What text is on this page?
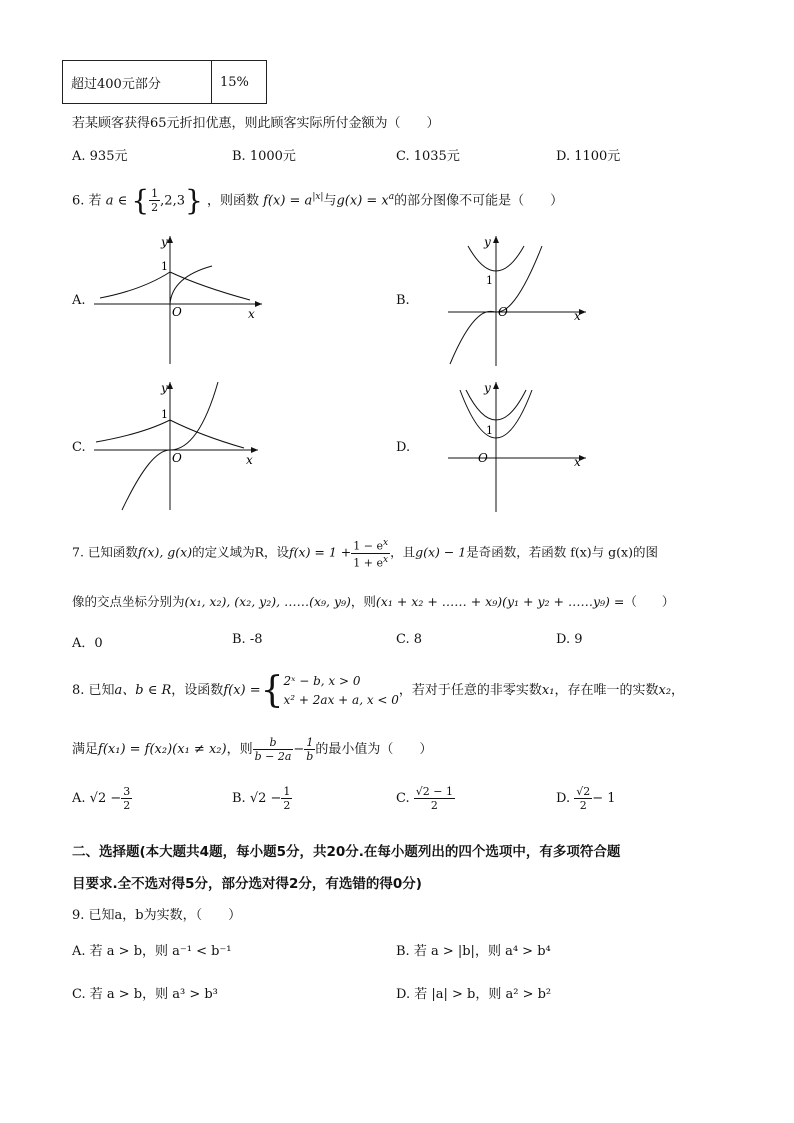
超过400元部分	15%
若某顾客获得65元折扣优惠，则此顾客实际所付金额为（　　）
A. 935元	B. 1000元	C. 1035元	D. 1100元
6. 若 a ∈ { $\frac{1}{2} ,2,3$} ，则函数 $f(x) = a^{|x|}$与$g(x) = x^a$的部分图像不可能是（　　）
A.	B.
C.	D.
y
x
O
1
y
x
O
1
y
x
O
1
y
x
O
1
7. 已知函数f(x), g(x)的定义域为R，设$f(x) = 1 + \frac{1 - e^x}{1 + e^x}$ ，且g(x) − 1是奇函数，若函数 f(x)与 g(x)的图
像的交点坐标分别为(x₁, x₂), (x₂, y₂), ……(x₉, y₉)，则(x₁ + x₂ + …… + x₉)(y₁ + y₂ + ……y₉) =（　　）
A．0	B. -8	C. 8	D. 9
8. 已知a、b ∈ R，设函数f(x) ={ 2ˣ − b, x > 0
x² + 2ax + a, x < 0
，若对于任意的非零实数x₁，存在唯一的实数x₂，
满足f(x₁) = f(x₂)(x₁ ≠ x₂)，则 $\frac{b}{b - 2a} - \frac{1}{b}$ 的最小值为（　　）
A. $√2 - \frac{3}{2}$	B. $√2 - \frac{1}{2}$	C. $\frac{√2 - 1}{2}$	D. $\frac{√2}{2} - 1$
二、选择题(本大题共4题，每小题5分，共20分.在每小题列出的四个选项中，有多项符合题
目要求.全不选对得5分，部分选对得2分，有选错的得0分)
9. 已知a，b为实数，（　　）
A. 若 a > b，则 a⁻¹ < b⁻¹	B. 若 a > |b|，则 a⁴ > b⁴
C. 若 a > b，则 a³ > b³	D. 若 |a| > b，则 a² > b²
